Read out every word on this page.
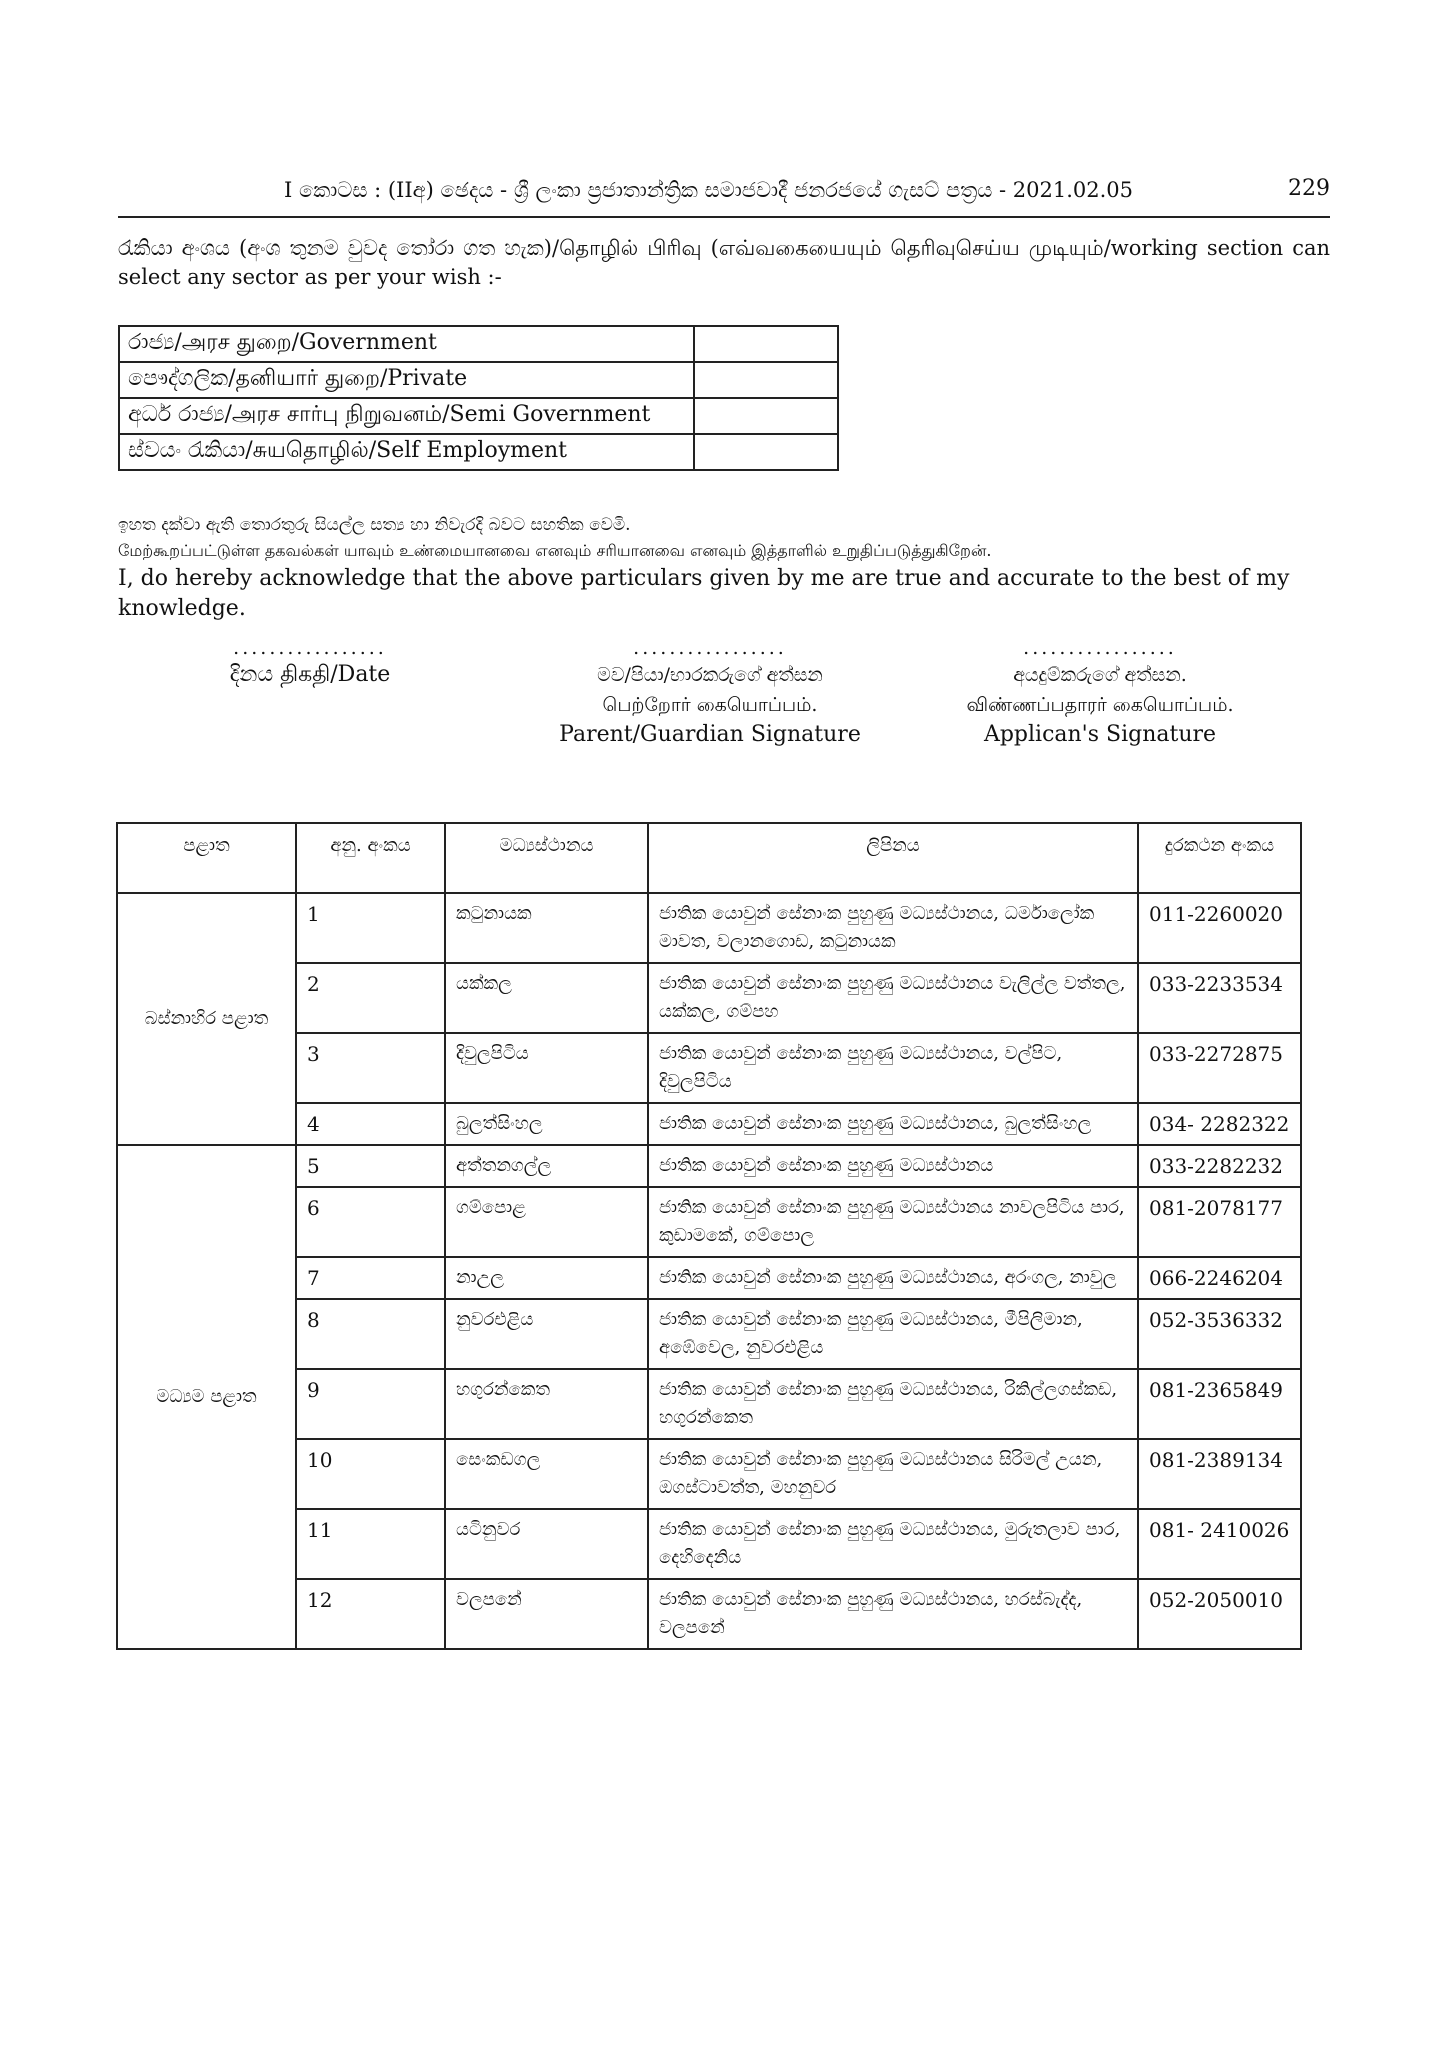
I කොටස : (IIඅ) ඡෙදය - ශ්‍රී ලංකා ප්‍රජාතාන්ත්‍රික සමාජවාදී ජනරජයේ ගැසට් පත්‍රය - 2021.02.05	229
රැකියා අංශය (අංශ තුනම වුවද තෝරා ගත හැක)/தொழில் பிரிவு (எவ்வகையையும் தெரிவுசெய்ய முடியும்/working section can select any sector as per your wish :-
රාජ්‍ය/அரச துறை/Government	
පෞද්ගලික/தனியார் துறை/Private	
අර්ධ රාජ්‍ය/அரச சார்பு நிறுவனம்/Semi Government	
ස්වයං රැකියා/சுயதொழில்/Self Employment	
ඉහත දක්වා ඇති තොරතුරු සියල්ල සත්‍ය හා නිවැරදි බවට සහතික වෙමි.
மேற்கூறப்பட்டுள்ள தகவல்கள் யாவும் உண்மையானவை எனவும் சரியானவை எனவும் இத்தாளில் உறுதிப்படுத்துகிறேன்.
I, do hereby acknowledge that the above particulars given by me are true and accurate to the best of my knowledge.
.................
දිනය திகதி/Date
.................
මව/පියා/භාරකරුගේ අත්සන
பெற்றோர் கையொப்பம்.
Parent/Guardian Signature
.................
අයදුම්කරුගේ අත්සන.
விண்ணப்பதாரர் கையொப்பம்.
Applican's Signature
පළාත	අනු. අංකය	මධ්‍යස්ථානය	ලිපිනය	දුරකථන අංකය
බස්නාහිර පළාත	1	කටුනායක	ජාතික යොවුන් සේනාංක පුහුණු මධ්‍යස්ථානය, ධර්මාලෝක මාවත, වලානගොඩ, කටුනායක	011-2260020
	2	යක්කල	ජාතික යොවුන් සේනාංක පුහුණු මධ්‍යස්ථානය වැලිල්ල වත්තල, යක්කල, ගම්පහ	033-2233534
	3	දිවුලපිටිය	ජාතික යොවුන් සේනාංක පුහුණු මධ්‍යස්ථානය, වල්පිට, දිවුලපිටිය	033-2272875
	4	බුලත්සිංහල	ජාතික යොවුන් සේනාංක පුහුණු මධ්‍යස්ථානය, බුලත්සිංහල	034- 2282322
මධ්‍යම පළාත	5	අත්තනගල්ල	ජාතික යොවුන් සේනාංක පුහුණු මධ්‍යස්ථානය	033-2282232
	6	ගම්පොළ	ජාතික යොවුන් සේනාංක පුහුණු මධ්‍යස්ථානය නාවලපිටිය පාර, කුඩාමකේ, ගම්පොල	081-2078177
	7	නාඋල	ජාතික යොවුන් සේනාංක පුහුණු මධ්‍යස්ථානය, අරංගල, නාවුල	066-2246204
	8	නුවරඑළිය	ජාතික යොවුන් සේනාංක පුහුණු මධ්‍යස්ථානය, මීපිලිමාන, අඹේවෙල, නුවරඑළිය	052-3536332
	9	හගුරන්කෙත	ජාතික යොවුන් සේනාංක පුහුණු මධ්‍යස්ථානය, රිකිල්ලගස්කඩ, හගුරන්කෙත	081-2365849
	10	සෙංකඩගල	ජාතික යොවුන් සේනාංක පුහුණු මධ්‍යස්ථානය සිරිමල් උයන, ඔගස්ටාවත්ත, මහනුවර	081-2389134
	11	යටිනුවර	ජාතික යොවුන් සේනාංක පුහුණු මධ්‍යස්ථානය, මුරුතලාව පාර, දෙහිදෙනිය	081- 2410026
	12	වලපනේ	ජාතික යොවුන් සේනාංක පුහුණු මධ්‍යස්ථානය, හරස්බැද්ද, වලපනේ	052-2050010
